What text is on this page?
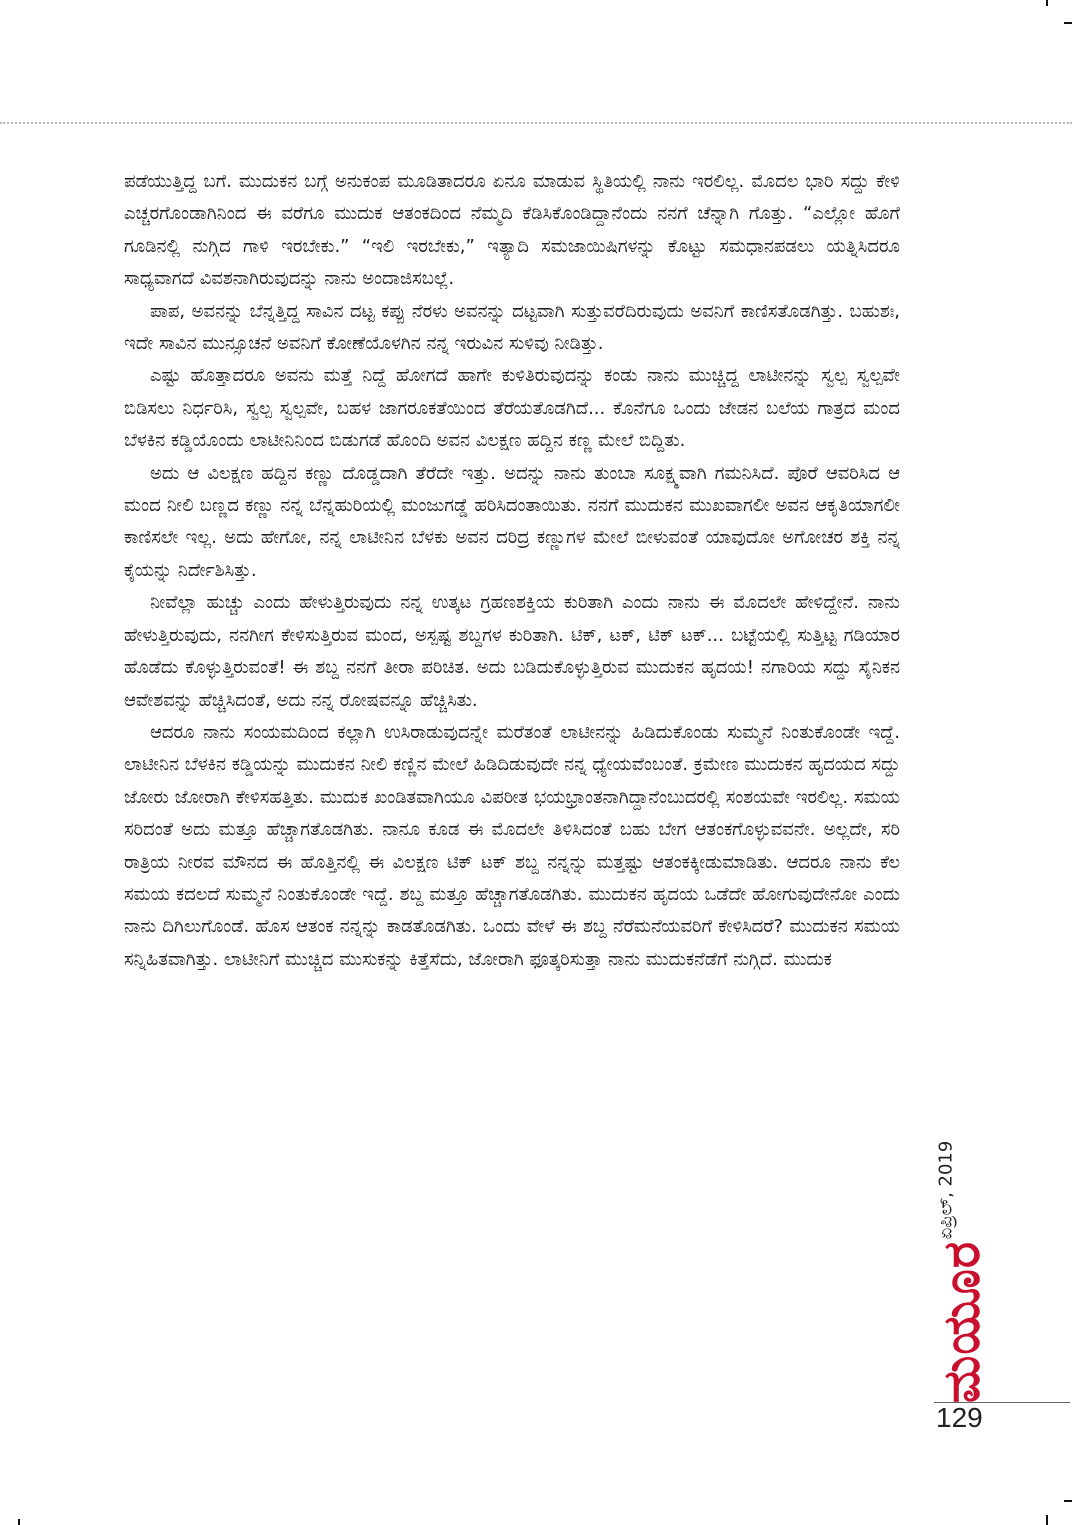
ಪಡೆಯುತ್ತಿದ್ದ ಬಗೆ. ಮುದುಕನ ಬಗ್ಗೆ ಅನುಕಂಪ ಮೂಡಿತಾದರೂ ಏನೂ ಮಾಡುವ ಸ್ಥಿತಿಯಲ್ಲಿ ನಾನು ಇರಲಿಲ್ಲ. ಮೊದಲ ಭಾರಿ ಸದ್ದು ಕೇಳಿ ಎಚ್ಚರಗೊಂಡಾಗಿನಿಂದ ಈ ವರೆಗೂ ಮುದುಕ ಆತಂಕದಿಂದ ನೆಮ್ಮದಿ ಕೆಡಿಸಿಕೊಂಡಿದ್ದಾನೆಂದು ನನಗೆ ಚೆನ್ನಾಗಿ ಗೊತ್ತು. “ಎಲ್ಲೋ ಹೊಗೆ ಗೂಡಿನಲ್ಲಿ ನುಗ್ಗಿದ ಗಾಳಿ ಇರಬೇಕು.” “ಇಲಿ ಇರಬೇಕು,” ಇತ್ಯಾದಿ ಸಮಜಾಯಿಷಿಗಳನ್ನು ಕೊಟ್ಟು ಸಮಧಾನಪಡಲು ಯತ್ನಿಸಿದರೂ ಸಾಧ್ಯವಾಗದೆ ವಿವಶನಾಗಿರುವುದನ್ನು ನಾನು ಅಂದಾಜಿಸಬಲ್ಲೆ.

ಪಾಪ, ಅವನನ್ನು ಬೆನ್ನತ್ತಿದ್ದ ಸಾವಿನ ದಟ್ಟ ಕಪ್ಪು ನೆರಳು ಅವನನ್ನು ದಟ್ಟವಾಗಿ ಸುತ್ತುವರೆದಿರುವುದು ಅವನಿಗೆ ಕಾಣಿಸತೊಡಗಿತ್ತು. ಬಹುಶಃ, ಇದೇ ಸಾವಿನ ಮುನ್ಸೂಚನೆ ಅವನಿಗೆ ಕೋಣೆಯೊಳಗಿನ ನನ್ನ ಇರುವಿನ ಸುಳಿವು ನೀಡಿತ್ತು.

ಎಷ್ಟು ಹೊತ್ತಾದರೂ ಅವನು ಮತ್ತೆ ನಿದ್ದೆ ಹೋಗದೆ ಹಾಗೇ ಕುಳಿತಿರುವುದನ್ನು ಕಂಡು ನಾನು ಮುಚ್ಚಿದ್ದ ಲಾಟೀನನ್ನು ಸ್ವಲ್ಪ ಸ್ವಲ್ಪವೇ ಬಿಡಿಸಲು ನಿರ್ಧರಿಸಿ, ಸ್ವಲ್ಪ ಸ್ವಲ್ಪವೇ, ಬಹಳ ಜಾಗರೂಕತೆಯಿಂದ ತೆರೆಯತೊಡಗಿದೆ... ಕೊನೆಗೂ ಒಂದು ಜೇಡನ ಬಲೆಯ ಗಾತ್ರದ ಮಂದ ಬೆಳಕಿನ ಕಡ್ಡಿಯೊಂದು ಲಾಟೀನಿನಿಂದ ಬಿಡುಗಡೆ ಹೊಂದಿ ಅವನ ವಿಲಕ್ಷಣ ಹದ್ದಿನ ಕಣ್ಣ ಮೇಲೆ ಬಿದ್ದಿತು.

ಅದು ಆ ವಿಲಕ್ಷಣ ಹದ್ದಿನ ಕಣ್ಣು ದೊಡ್ಡದಾಗಿ ತೆರೆದೇ ಇತ್ತು. ಅದನ್ನು ನಾನು ತುಂಬಾ ಸೂಕ್ಷ್ಮವಾಗಿ ಗಮನಿಸಿದೆ. ಪೊರೆ ಆವರಿಸಿದ ಆ ಮಂದ ನೀಲಿ ಬಣ್ಣದ ಕಣ್ಣು ನನ್ನ ಬೆನ್ನಹುರಿಯಲ್ಲಿ ಮಂಜುಗಡ್ಡೆ ಹರಿಸಿದಂತಾಯಿತು. ನನಗೆ ಮುದುಕನ ಮುಖವಾಗಲೀ ಅವನ ಆಕೃತಿಯಾಗಲೀ ಕಾಣಿಸಲೇ ಇಲ್ಲ. ಅದು ಹೇಗೋ, ನನ್ನ ಲಾಟೀನಿನ ಬೆಳಕು ಅವನ ದರಿದ್ರ ಕಣ್ಣುಗಳ ಮೇಲೆ ಬೀಳುವಂತೆ ಯಾವುದೋ ಅಗೋಚರ ಶಕ್ತಿ ನನ್ನ ಕೈಯನ್ನು ನಿರ್ದೇಶಿಸಿತ್ತು.

ನೀವೆಲ್ಲಾ ಹುಚ್ಚು ಎಂದು ಹೇಳುತ್ತಿರುವುದು ನನ್ನ ಉತ್ಕಟ ಗ್ರಹಣಶಕ್ತಿಯ ಕುರಿತಾಗಿ ಎಂದು ನಾನು ಈ ಮೊದಲೇ ಹೇಳಿದ್ದೇನೆ. ನಾನು ಹೇಳುತ್ತಿರುವುದು, ನನಗೀಗ ಕೇಳಿಸುತ್ತಿರುವ ಮಂದ, ಅಸ್ಪಷ್ಟ ಶಬ್ದಗಳ ಕುರಿತಾಗಿ. ಟಿಕ್, ಟಕ್, ಟಿಕ್ ಟಕ್... ಬಟ್ಟೆಯಲ್ಲಿ ಸುತ್ತಿಟ್ಟ ಗಡಿಯಾರ ಹೊಡೆದು ಕೊಳ್ಳುತ್ತಿರುವಂತೆ! ಈ ಶಬ್ದ ನನಗೆ ತೀರಾ ಪರಿಚಿತ. ಅದು ಬಡಿದುಕೊಳ್ಳುತ್ತಿರುವ ಮುದುಕನ ಹೃದಯ! ನಗಾರಿಯ ಸದ್ದು ಸೈನಿಕನ ಆವೇಶವನ್ನು ಹೆಚ್ಚಿಸಿದಂತೆ, ಅದು ನನ್ನ ರೋಷವನ್ನೂ ಹೆಚ್ಚಿಸಿತು.

ಆದರೂ ನಾನು ಸಂಯಮದಿಂದ ಕಲ್ಲಾಗಿ ಉಸಿರಾಡುವುದನ್ನೇ ಮರೆತಂತೆ ಲಾಟೀನನ್ನು ಹಿಡಿದುಕೊಂಡು ಸುಮ್ಮನೆ ನಿಂತುಕೊಂಡೇ ಇದ್ದೆ. ಲಾಟೀನಿನ ಬೆಳಕಿನ ಕಡ್ಡಿಯನ್ನು ಮುದುಕನ ನೀಲಿ ಕಣ್ಣಿನ ಮೇಲೆ ಹಿಡಿದಿಡುವುದೇ ನನ್ನ ಧ್ಯೇಯವೆಂಬಂತೆ. ಕ್ರಮೇಣ ಮುದುಕನ ಹೃದಯದ ಸದ್ದು ಜೋರು ಜೋರಾಗಿ ಕೇಳಿಸಹತ್ತಿತು. ಮುದುಕ ಖಂಡಿತವಾಗಿಯೂ ವಿಪರೀತ ಭಯಭ್ರಾಂತನಾಗಿದ್ದಾನೆಂಬುದರಲ್ಲಿ ಸಂಶಯವೇ ಇರಲಿಲ್ಲ. ಸಮಯ ಸರಿದಂತೆ ಅದು ಮತ್ತೂ ಹೆಚ್ಚಾಗತೊಡಗಿತು. ನಾನೂ ಕೂಡ ಈ ಮೊದಲೇ ತಿಳಿಸಿದಂತೆ ಬಹು ಬೇಗ ಆತಂಕಗೊಳ್ಳುವವನೇ. ಅಲ್ಲದೇ, ಸರಿ ರಾತ್ರಿಯ ನೀರವ ಮೌನದ ಈ ಹೊತ್ತಿನಲ್ಲಿ ಈ ವಿಲಕ್ಷಣ ಟಿಕ್ ಟಕ್ ಶಬ್ದ ನನ್ನನ್ನು ಮತ್ತಷ್ಟು ಆತಂಕಕ್ಕೀಡುಮಾಡಿತು. ಆದರೂ ನಾನು ಕೆಲ ಸಮಯ ಕದಲದೆ ಸುಮ್ಮನೆ ನಿಂತುಕೊಂಡೇ ಇದ್ದೆ. ಶಬ್ದ ಮತ್ತೂ ಹೆಚ್ಚಾಗತೊಡಗಿತು. ಮುದುಕನ ಹೃದಯ ಒಡೆದೇ ಹೋಗುವುದೇನೋ ಎಂದು ನಾನು ದಿಗಿಲುಗೊಂಡೆ. ಹೊಸ ಆತಂಕ ನನ್ನನ್ನು ಕಾಡತೊಡಗಿತು. ಒಂದು ವೇಳೆ ಈ ಶಬ್ದ ನೆರೆಮನೆಯವರಿಗೆ ಕೇಳಿಸಿದರೆ? ಮುದುಕನ ಸಮಯ ಸನ್ನಿಹಿತವಾಗಿತ್ತು. ಲಾಟೀನಿಗೆ ಮುಚ್ಚಿದ ಮುಸುಕನ್ನು ಕಿತ್ತೆಸೆದು, ಜೋರಾಗಿ ಫೂತ್ಕರಿಸುತ್ತಾ ನಾನು ಮುದುಕನೆಡೆಗೆ ನುಗ್ಗಿದೆ. ಮುದುಕ

ಏಪ್ರಿಲ್, 2019
ಮಯೂರ
129
